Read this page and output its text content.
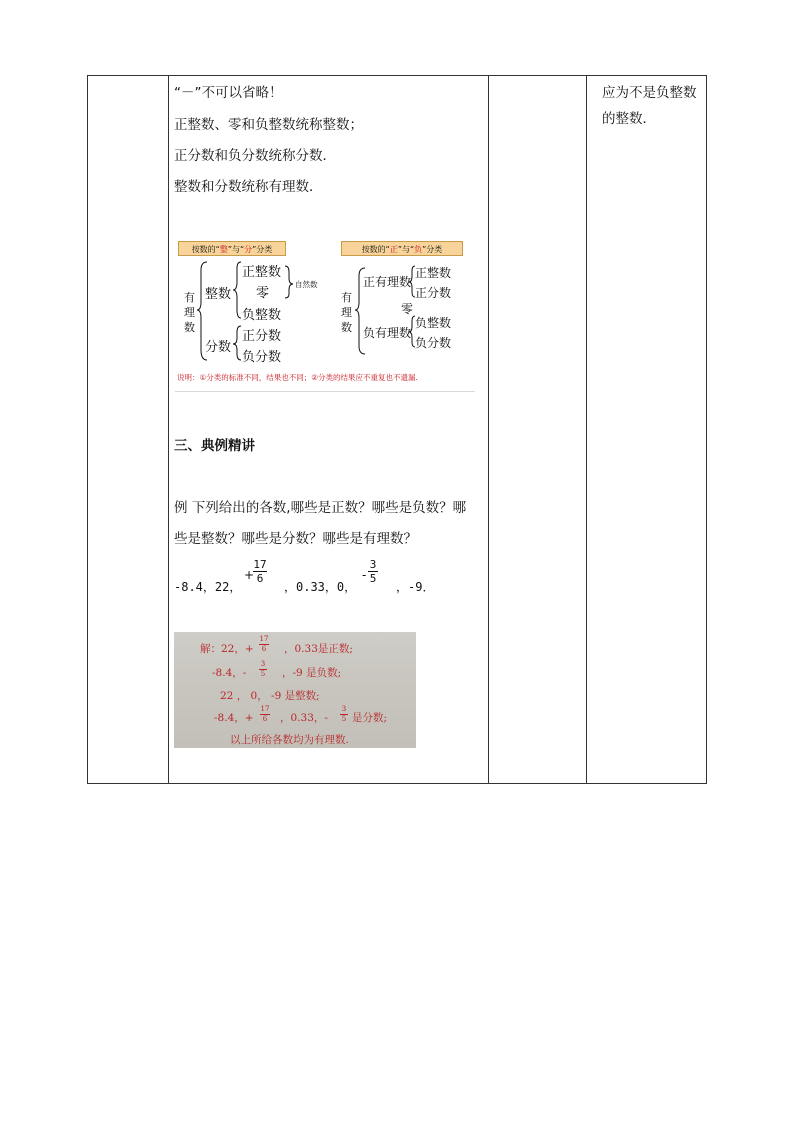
应为不是负整数的整数．
“－”不可以省略！
正整数、零和负整数统称整数；
正分数和负分数统称分数．
整数和分数统称有理数．
按数的“整”与“分”分类	按数的“正”与“负”分类
有理数
整数
分数
正整数
零
负整数
自然数
正分数
负分数
有理数
正有理数
负有理数
正整数
正分数
零
负整数
负分数
说明：①分类的标准不同，结果也不同；②分类的结果应不重复也不遗漏.
三、典例精讲
例 下列给出的各数,哪些是正数？哪些是负数？哪
些是整数？哪些是分数？哪些是有理数？
-8.4，22，
+
$\frac{17}{6}$
，0.33，0，
- $\frac{3}{5}$
，-9．
解：22，+ $\frac{17}{6}$ ，0.33是正数;
-8.4，- $\frac{3}{5}$ ，-9 是负数;
22 ， 0， -9 是整数;
-8.4，+ $\frac{17}{6}$ ，0.33，- $\frac{3}{5}$ 是分数;
以上所给各数均为有理数.
